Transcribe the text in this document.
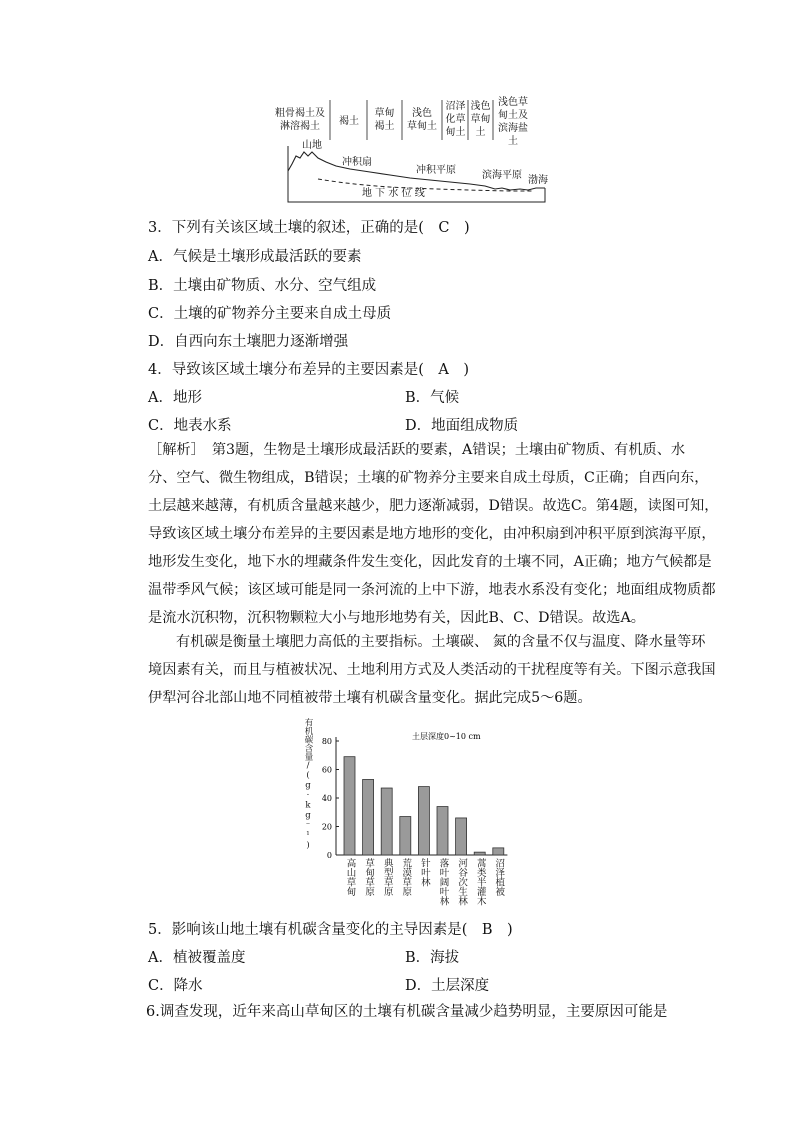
粗骨褐土及
淋溶褐土	褐土
草甸
褐土
浅色
草甸土
沼泽
化草
甸土
浅色
草甸
土
浅色草
甸土及
滨海盐
土
山地
冲积扇
冲积平原	滨海平原 渤海
地 下 水 位 线
3．下列有关该区域土壤的叙述，正确的是(　C　)
A．气候是土壤形成最活跃的要素
B．土壤由矿物质、水分、空气组成
C．土壤的矿物养分主要来自成土母质
D．自西向东土壤肥力逐渐增强
4．导致该区域土壤分布差异的主要因素是(　A　)
A．地形	B．气候
C．地表水系	D．地面组成物质
［解析］　第3题，生物是土壤形成最活跃的要素，A错误；土壤由矿物质、有机质、水
分、空气、微生物组成，B错误；土壤的矿物养分主要来自成土母质，C正确；自西向东，
土层越来越薄，有机质含量越来越少，肥力逐渐减弱，D错误。故选C。第4题，读图可知，
导致该区域土壤分布差异的主要因素是地方地形的变化，由冲积扇到冲积平原到滨海平原，
地形发生变化，地下水的埋藏条件发生变化，因此发育的土壤不同，A正确；地方气候都是
温带季风气候；该区域可能是同一条河流的上中下游，地表水系没有变化；地面组成物质都
是流水沉积物，沉积物颗粒大小与地形地势有关，因此B、C、D错误。故选A。
有机碳是衡量土壤肥力高低的主要指标。土壤碳、 氮的含量不仅与温度、降水量等环
境因素有关，而且与植被状况、土地利用方式及人类活动的干扰程度等有关。下图示意我国
伊犁河谷北部山地不同植被带土壤有机碳含量变化。据此完成5～6题。
有机碳含量/(g·kg⁻¹)	土层深度0~10 cm
0
20
40
60
80
高山草甸 草甸草原 典型草原 荒漠草原 针叶林 落叶阔叶林 河谷次生林 蒿类半灌木 沼泽植被
5．影响该山地土壤有机碳含量变化的主导因素是(　B　)
A．植被覆盖度	B．海拔
C．降水	D．土层深度
6.调查发现，近年来高山草甸区的土壤有机碳含量减少趋势明显，主要原因可能是
